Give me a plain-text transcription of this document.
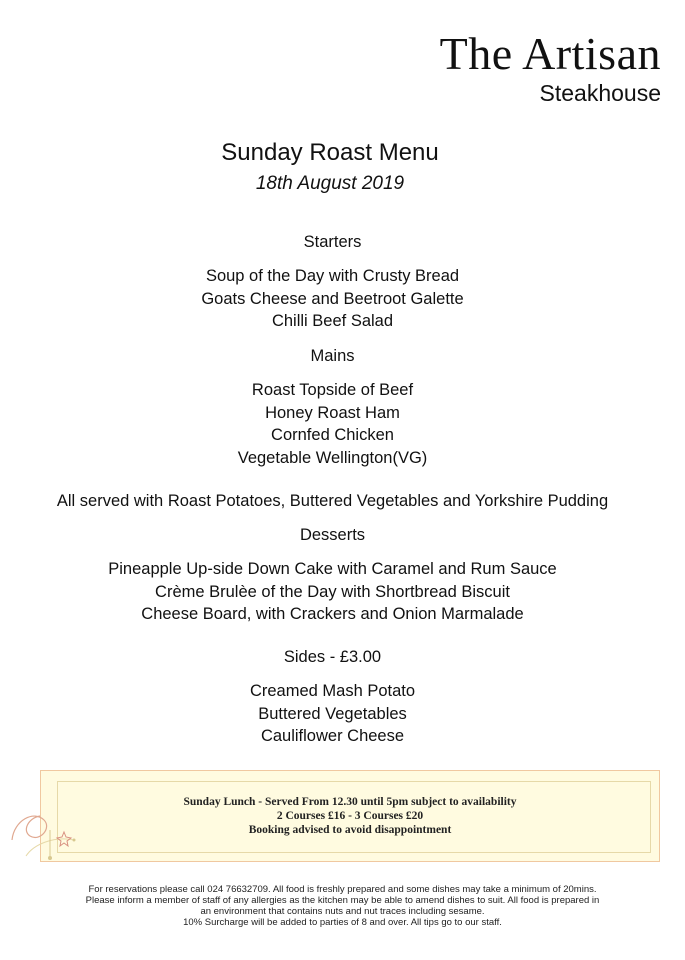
The Artisan
Steakhouse
Sunday Roast Menu
18th August 2019
Starters
Soup of the Day with Crusty Bread
Goats Cheese and Beetroot Galette
Chilli Beef Salad
Mains
Roast Topside of Beef
Honey Roast Ham
Cornfed Chicken
Vegetable Wellington(VG)
All served with Roast Potatoes, Buttered Vegetables and Yorkshire Pudding
Desserts
Pineapple Up-side Down Cake with Caramel and Rum Sauce
Crème Brulèe of the Day with Shortbread Biscuit
Cheese Board, with Crackers and Onion Marmalade
Sides - £3.00
Creamed Mash Potato
Buttered Vegetables
Cauliflower Cheese
Sunday Lunch - Served From 12.30 until 5pm subject to availability
2 Courses £16 - 3 Courses £20
Booking advised to avoid disappointment
For reservations please call 024 76632709. All food is freshly prepared and some dishes may take a minimum of 20mins.
Please inform a member of staff of any allergies as the kitchen may be able to amend dishes to suit. All food is prepared in
an environment that contains nuts and nut traces including sesame.
10% Surcharge will be added to parties of 8 and over. All tips go to our staff.
